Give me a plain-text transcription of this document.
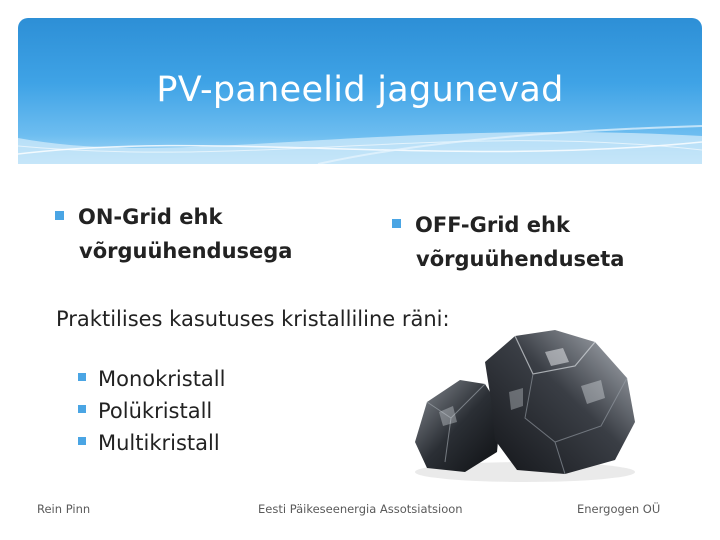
PV-paneelid jagunevad
ON-Grid ehk
võrguühendusega
OFF-Grid ehk
võrguühenduseta
Praktilises kasutuses kristalliline räni:
Monokristall
Polükristall
Multikristall
Rein Pinn	Eesti Päikeseenergia Assotsiatsioon	Energogen OÜ
